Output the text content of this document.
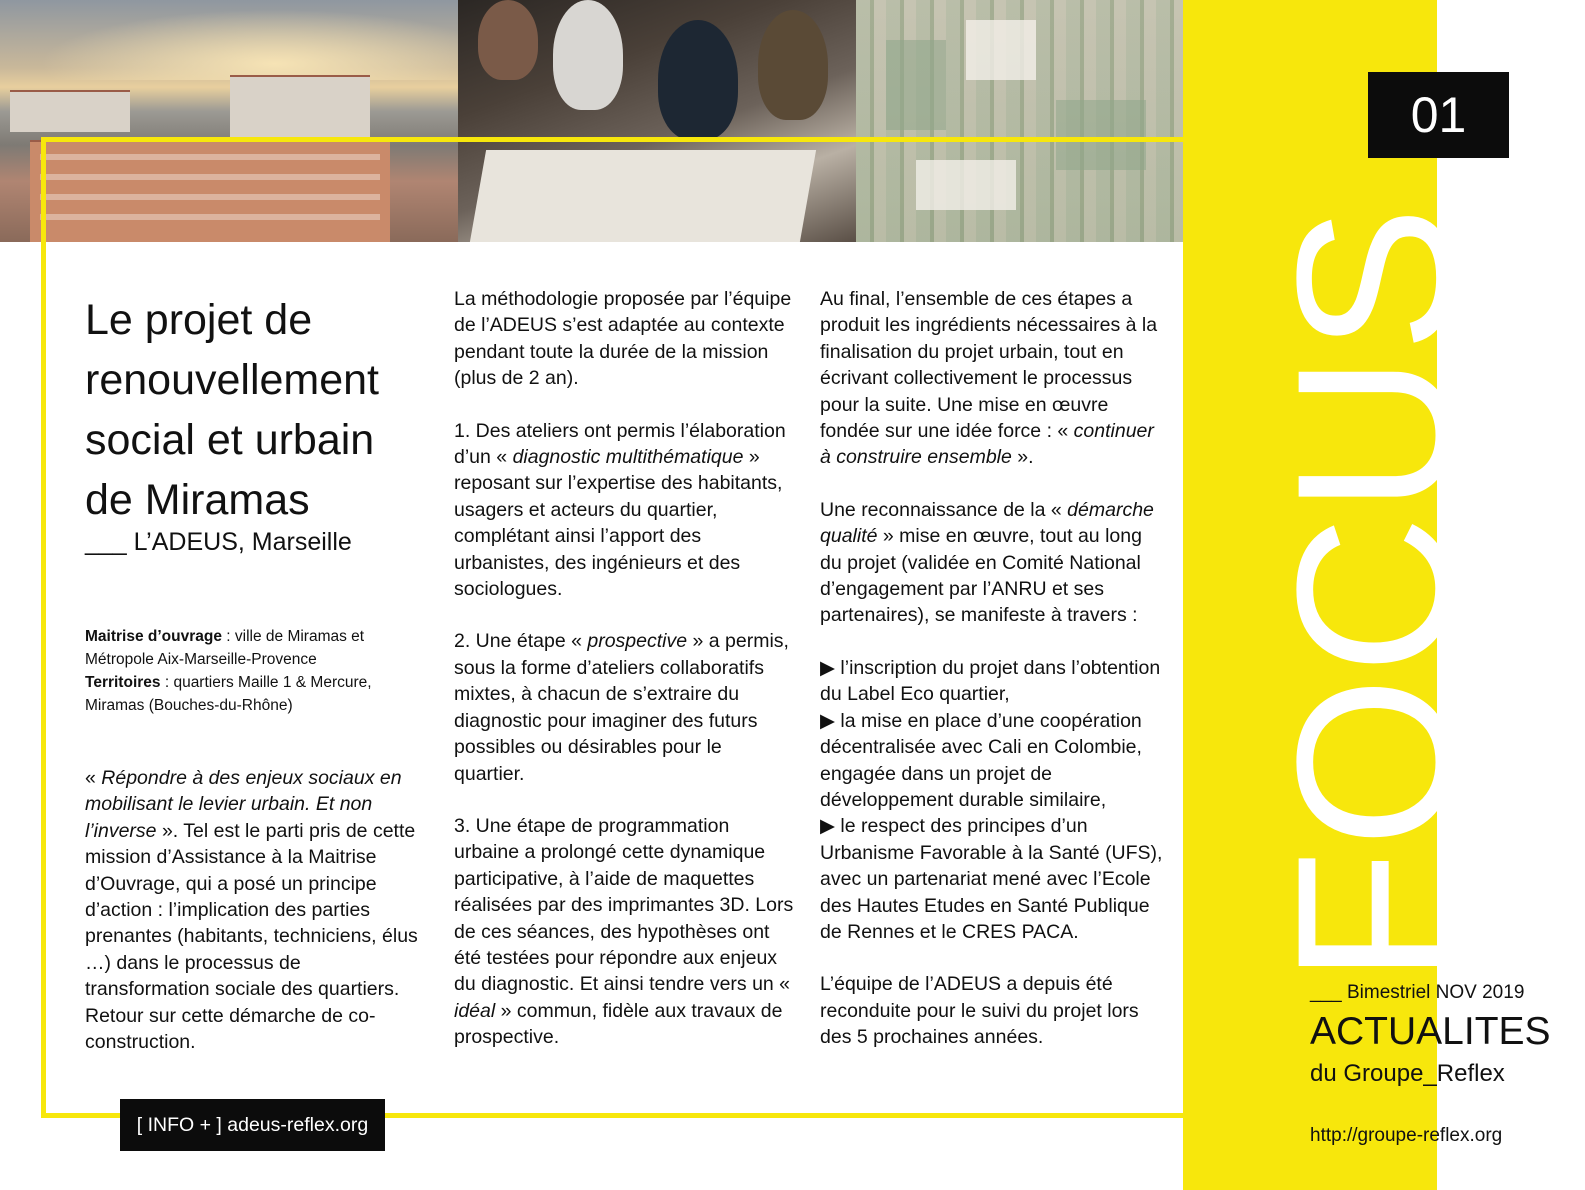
01
FOCUS
Le projet de renouvellement social et urbain de Miramas
___ L’ADEUS, Marseille
Maitrise d’ouvrage : ville de Miramas et Métropole Aix-Marseille-Provence
Territoires : quartiers Maille 1 & Mercure, Miramas (Bouches-du-Rhône)

« Répondre à des enjeux sociaux en mobilisant le levier urbain. Et non l’inverse ». Tel est le parti pris de cette mission d’Assistance à la Maitrise d’Ouvrage, qui a posé un principe d’action : l’implication des parties prenantes (habitants, techniciens, élus …) dans le processus de transformation sociale des quartiers. Retour sur cette démarche de co-construction.

La méthodologie proposée par l’équipe de l’ADEUS s’est adaptée au contexte pendant toute la durée de la mission (plus de 2 an).

1. Des ateliers ont permis l’élaboration d’un « diagnostic multithématique » reposant sur l’expertise des habitants, usagers et acteurs du quartier, complétant ainsi l’apport des urbanistes, des ingénieurs et des sociologues.

2. Une étape « prospective » a permis, sous la forme d’ateliers collaboratifs mixtes, à chacun de s’extraire du diagnostic pour imaginer des futurs possibles ou désirables pour le quartier.

3. Une étape de programmation urbaine a prolongé cette dynamique participative, à l’aide de maquettes réalisées par des imprimantes 3D. Lors de ces séances, des hypothèses ont été testées pour répondre aux enjeux du diagnostic. Et ainsi tendre vers un « idéal » commun, fidèle aux travaux de prospective.

Au final, l’ensemble de ces étapes a produit les ingrédients nécessaires à la finalisation du projet urbain, tout en écrivant collectivement le processus pour la suite. Une mise en œuvre fondée sur une idée force : « continuer à construire ensemble ».

Une reconnaissance de la « démarche qualité » mise en œuvre, tout au long du projet (validée en Comité National d’engagement par l’ANRU et ses partenaires), se manifeste à travers :

▶ l’inscription du projet dans l’obtention du Label Eco quartier,
▶ la mise en place d’une coopération décentralisée avec Cali en Colombie, engagée dans un projet de développement durable similaire,
▶ le respect des principes d’un Urbanisme Favorable à la Santé (UFS), avec un partenariat mené avec l’Ecole des Hautes Etudes en Santé Publique de Rennes et le CRES PACA.

L’équipe de l’ADEUS a depuis été reconduite pour le suivi du projet lors des 5 prochaines années.

[ INFO + ] adeus-reflex.org
___ Bimestriel NOV 2019
ACTUALITES
du Groupe_Reflex
http://groupe-reflex.org
